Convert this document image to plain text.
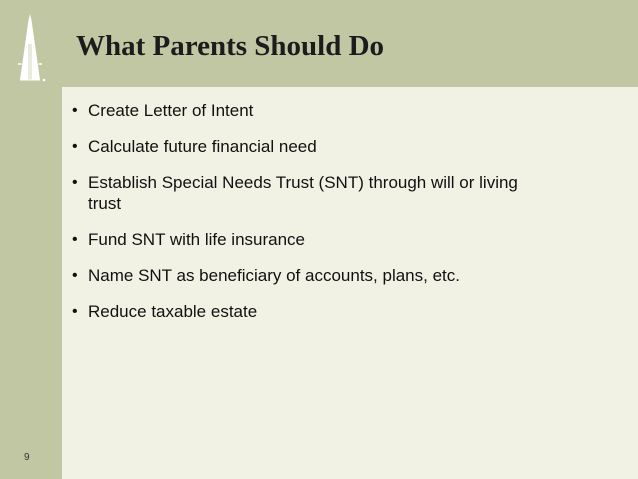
What Parents Should Do
• Create Letter of Intent
• Calculate future financial need
• Establish Special Needs Trust (SNT) through will or living trust
• Fund SNT with life insurance
• Name SNT as beneficiary of accounts, plans, etc.
• Reduce taxable estate
9
